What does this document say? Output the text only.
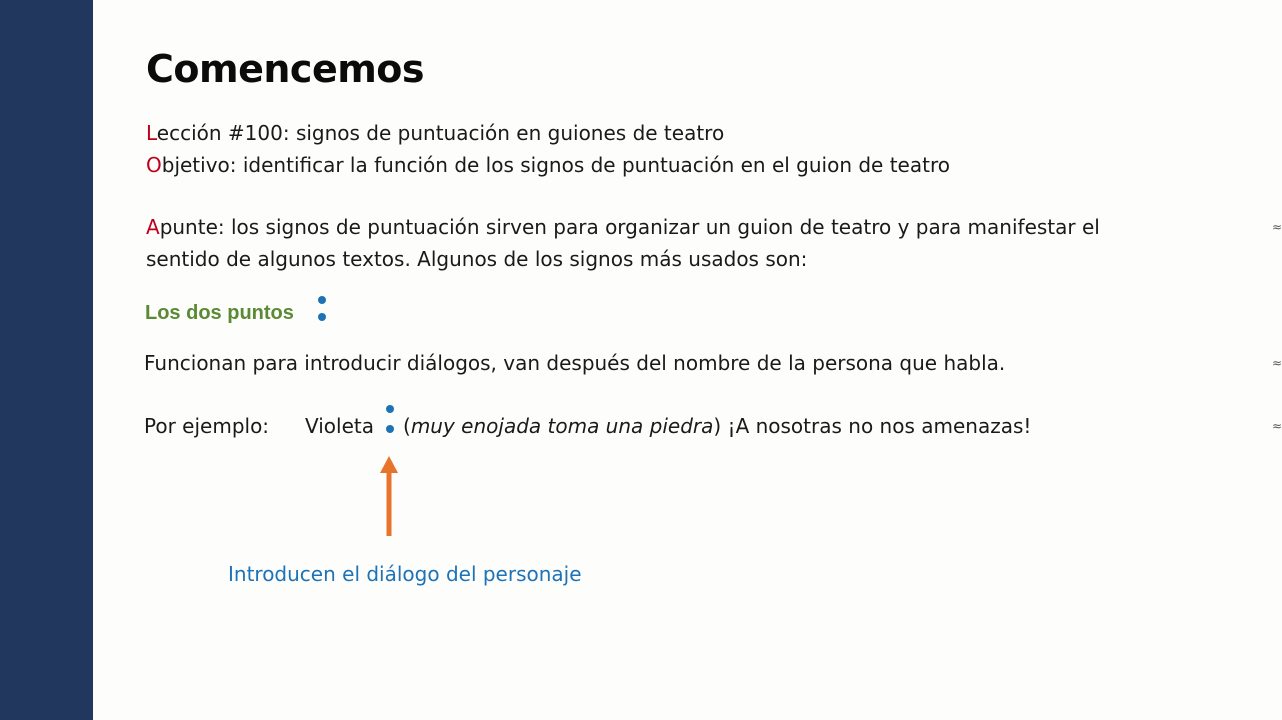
Comencemos
Lección #100: signos de puntuación en guiones de teatro
Objetivo: identificar la función de los signos de puntuación en el guion de teatro
Apunte: los signos de puntuación sirven para organizar un guion de teatro y para manifestar el
sentido de algunos textos. Algunos de los signos más usados son:
Los dos puntos
Funcionan para introducir diálogos, van después del nombre de la persona que habla.
Por ejemplo: Violeta (muy enojada toma una piedra) ¡A nosotras no nos amenazas!
Introducen el diálogo del personaje
≈
≈
≈
